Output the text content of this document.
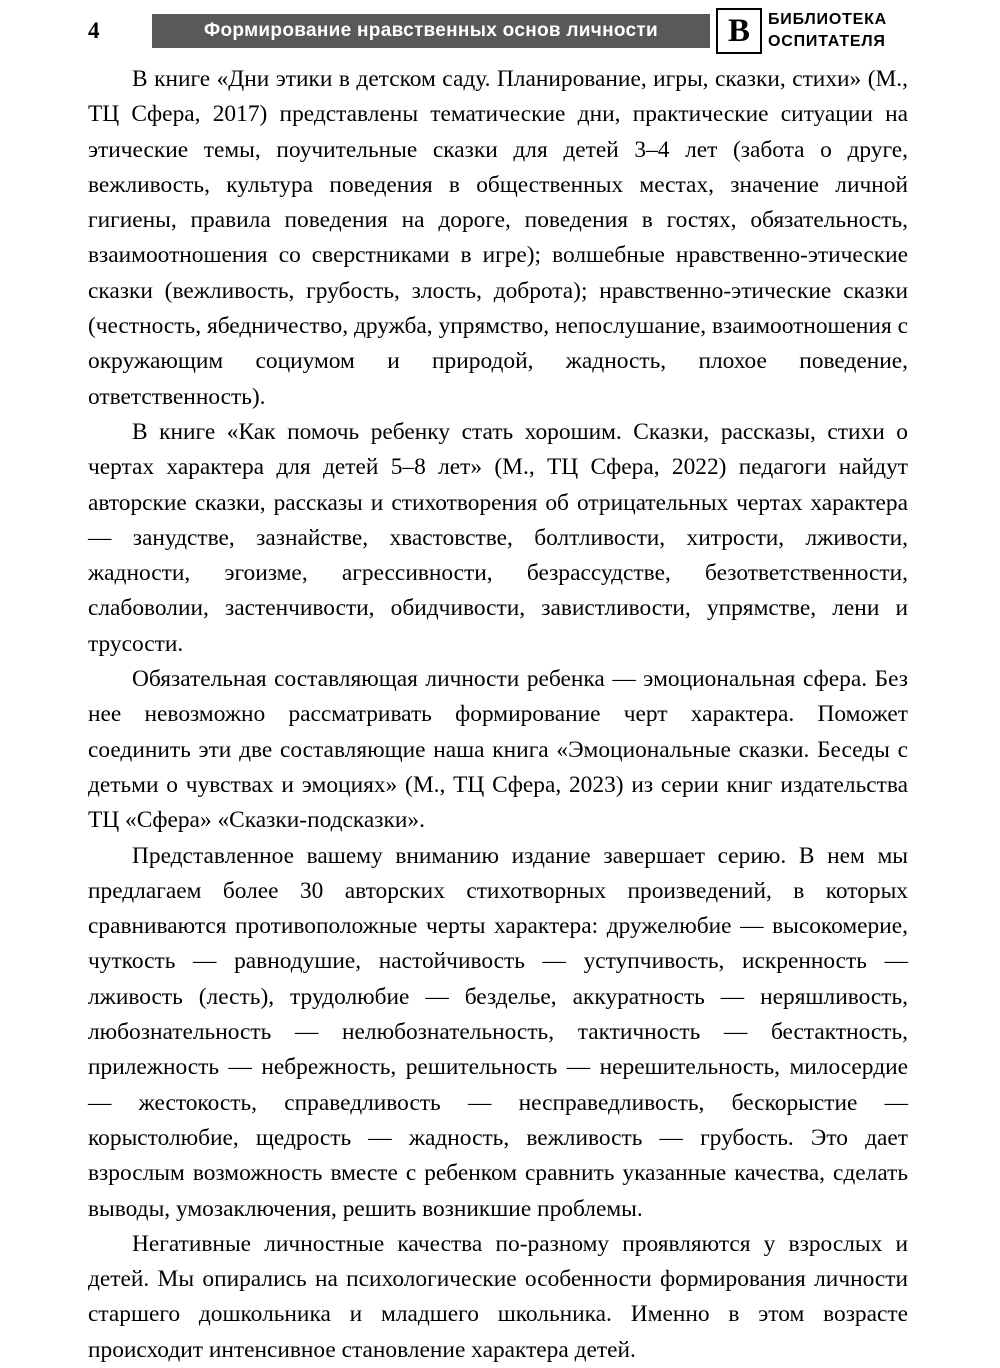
4	Формирование нравственных основ личности В БИБЛИОТЕКА
ОСПИТАТЕЛЯ

В книге «Дни этики в детском саду. Планирование, игры, сказки, стихи» (М., ТЦ Сфера, 2017) представлены тематические дни, практические ситуации на этические темы, поучительные сказки для детей 3–4 лет (забота о друге, вежливость, культура поведения в общественных местах, значение личной гигиены, правила поведения на дороге, поведения в гостях, обязательность, взаимоотношения со сверстниками в игре); волшебные нравственно-этические сказки (вежливость, грубость, злость, доброта); нравственно-этические сказки (честность, ябедничество, дружба, упрямство, непослушание, взаимоотношения с окружающим социумом и природой, жадность, плохое поведение, ответственность).

В книге «Как помочь ребенку стать хорошим. Сказки, рассказы, стихи о чертах характера для детей 5–8 лет» (М., ТЦ Сфера, 2022) педагоги найдут авторские сказки, рассказы и стихотворения об отрицательных чертах характера — занудстве, зазнайстве, хвастовстве, болтливости, хитрости, лживости, жадности, эгоизме, агрессивности, безрассудстве, безответственности, слабоволии, застенчивости, обидчивости, завистливости, упрямстве, лени и трусости.

Обязательная составляющая личности ребенка — эмоциональная сфера. Без нее невозможно рассматривать формирование черт характера. Поможет соединить эти две составляющие наша книга «Эмоциональные сказки. Беседы с детьми о чувствах и эмоциях» (М., ТЦ Сфера, 2023) из серии книг издательства ТЦ «Сфера» «Сказки-подсказки».

Представленное вашему вниманию издание завершает серию. В нем мы предлагаем более 30 авторских стихотворных произведений, в которых сравниваются противоположные черты характера: дружелюбие — высокомерие, чуткость — равнодушие, настойчивость — уступчивость, искренность — лживость (лесть), трудолюбие — безделье, аккуратность — неряшливость, любознательность — нелюбознательность, тактичность — бестактность, прилежность — небрежность, решительность — нерешительность, милосердие — жестокость, справедливость — несправедливость, бескорыстие — корыстолюбие, щедрость — жадность, вежливость — грубость. Это дает взрослым возможность вместе с ребенком сравнить указанные качества, сделать выводы, умозаключения, решить возникшие проблемы.

Негативные личностные качества по-разному проявляются у взрослых и детей. Мы опирались на психологические особенности формирования личности старшего дошкольника и младшего школьника. Именно в этом возрасте происходит интенсивное становление характера детей.
